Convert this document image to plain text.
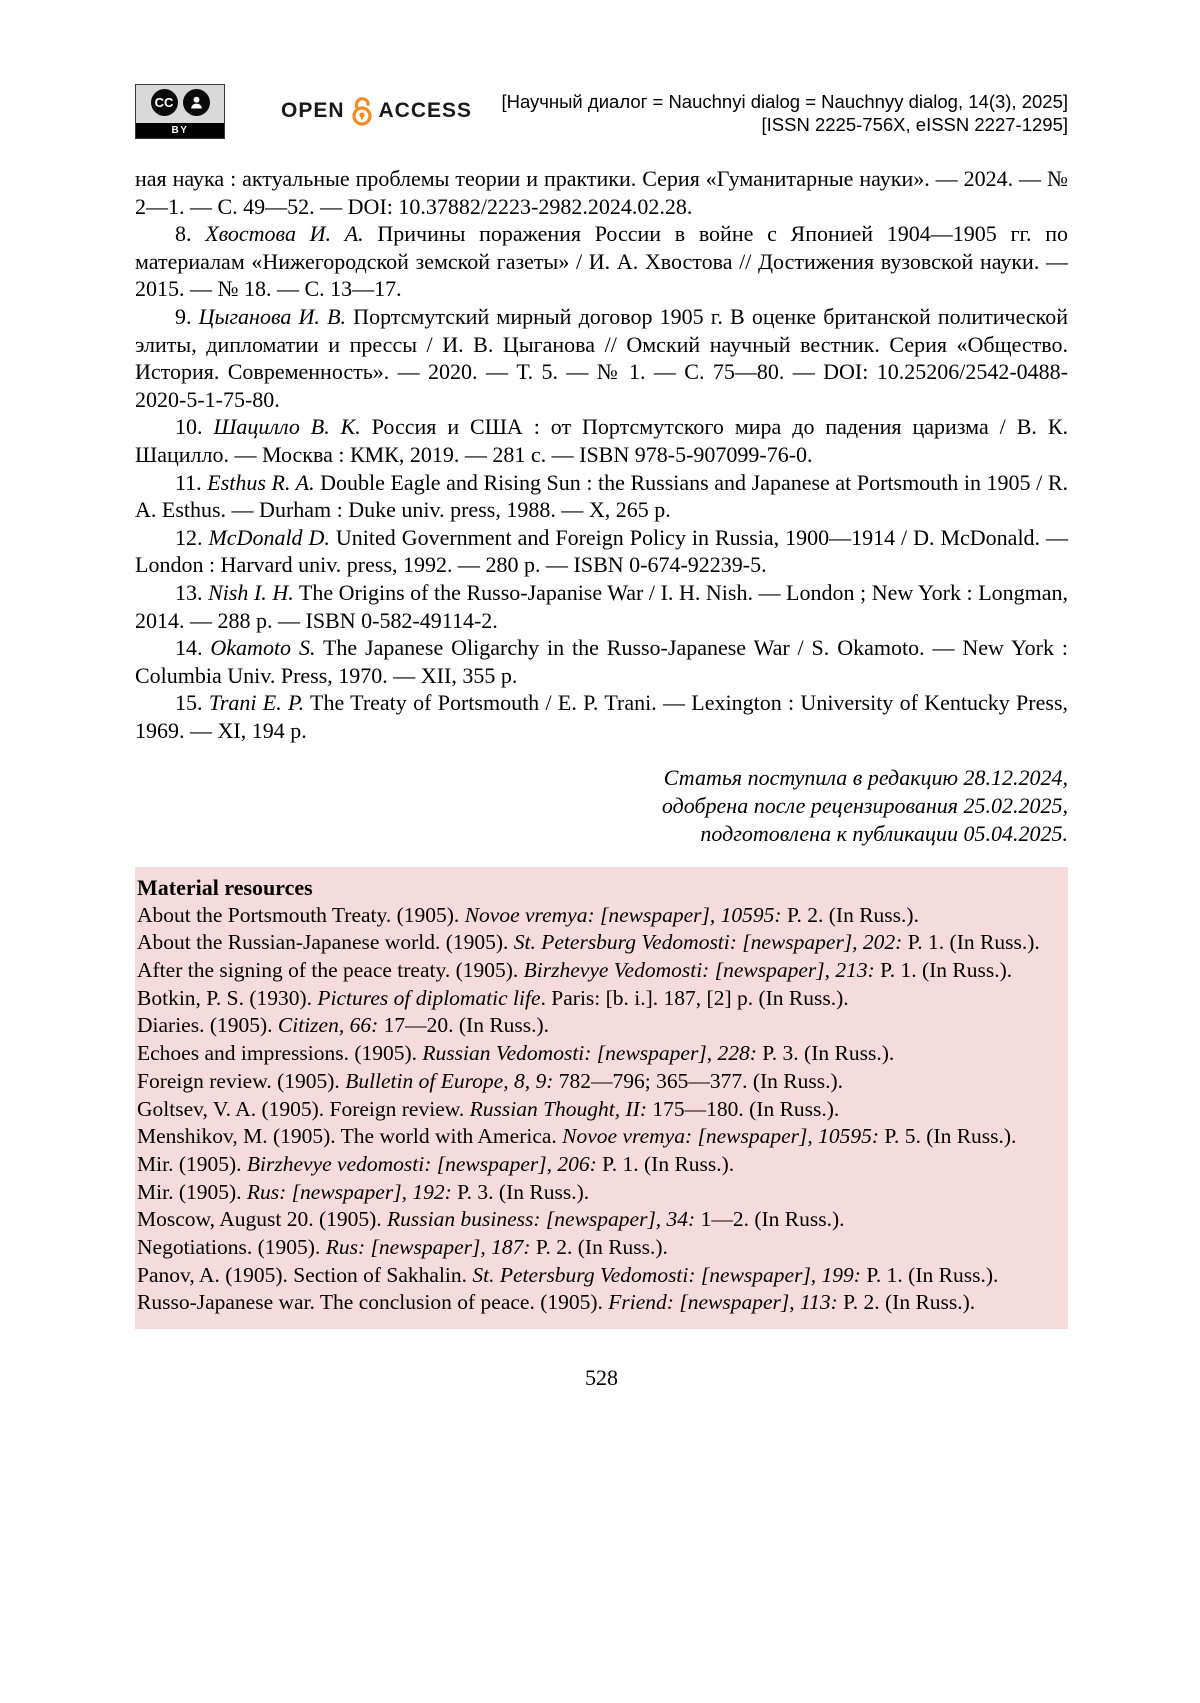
CC
BY
OPEN ACCESS	[Научный диалог = Nauchnyi dialog = Nauchnyy dialog, 14(3), 2025]
[ISSN 2225-756X, eISSN 2227-1295]

ная наука : актуальные проблемы теории и практики. Серия «Гуманитарные науки». — 2024. — № 2—1. — С. 49—52. — DOI: 10.37882/2223-2982.2024.02.28.

8. Хвостова И. А. Причины поражения России в войне с Японией 1904—1905 гг. по материалам «Нижегородской земской газеты» / И. А. Хвостова // Достижения вузовской науки. — 2015. — № 18. — С. 13—17.

9. Цыганова И. В. Портсмутский мирный договор 1905 г. В оценке британской политической элиты, дипломатии и прессы / И. В. Цыганова // Омский научный вестник. Серия «Общество. История. Современность». — 2020. — Т. 5. — № 1. — С. 75—80. — DOI: 10.25206/2542-0488-2020-5-1-75-80.

10. Шацилло В. К. Россия и США : от Портсмутского мира до падения царизма / В. К. Шацилло. — Москва : КМК, 2019. — 281 с. — ISBN 978-5-907099-76-0.

11. Esthus R. A. Double Eagle and Rising Sun : the Russians and Japanese at Portsmouth in 1905 / R. A. Esthus. — Durham : Duke univ. press, 1988. — X, 265 p.

12. McDonald D. United Government and Foreign Policy in Russia, 1900—1914 / D. McDonald. — London : Harvard univ. press, 1992. — 280 p. — ISBN 0-674-92239-5.

13. Nish I. H. The Origins of the Russo-Japanise War / I. H. Nish. — London ; New York : Longman, 2014. — 288 p. — ISBN 0-582-49114-2.

14. Okamoto S. The Japanese Oligarchy in the Russo-Japanese War / S. Okamoto. — New York : Columbia Univ. Press, 1970. — XII, 355 p.

15. Trani E. P. The Treaty of Portsmouth / E. P. Trani. — Lexington : University of Kentucky Press, 1969. — XI, 194 p.

Статья поступила в редакцию 28.12.2024,
одобрена после рецензирования 25.02.2025,
подготовлена к публикации 05.04.2025.
Material resources

About the Portsmouth Treaty. (1905). Novoe vremya: [newspaper], 10595: P. 2. (In Russ.).

About the Russian-Japanese world. (1905). St. Petersburg Vedomosti: [newspaper], 202: P. 1. (In Russ.).

After the signing of the peace treaty. (1905). Birzhevye Vedomosti: [newspaper], 213: P. 1. (In Russ.).

Botkin, P. S. (1930). Pictures of diplomatic life. Paris: [b. i.]. 187, [2] p. (In Russ.).

Diaries. (1905). Citizen, 66: 17—20. (In Russ.).

Echoes and impressions. (1905). Russian Vedomosti: [newspaper], 228: P. 3. (In Russ.).

Foreign review. (1905). Bulletin of Europe, 8, 9: 782—796; 365—377. (In Russ.).

Goltsev, V. A. (1905). Foreign review. Russian Thought, II: 175—180. (In Russ.).

Menshikov, M. (1905). The world with America. Novoe vremya: [newspaper], 10595: P. 5. (In Russ.).

Mir. (1905). Birzhevye vedomosti: [newspaper], 206: P. 1. (In Russ.).

Mir. (1905). Rus: [newspaper], 192: P. 3. (In Russ.).

Moscow, August 20. (1905). Russian business: [newspaper], 34: 1—2. (In Russ.).

Negotiations. (1905). Rus: [newspaper], 187: P. 2. (In Russ.).

Panov, A. (1905). Section of Sakhalin. St. Petersburg Vedomosti: [newspaper], 199: P. 1. (In Russ.).

Russo-Japanese war. The conclusion of peace. (1905). Friend: [newspaper], 113: P. 2. (In Russ.).

528
